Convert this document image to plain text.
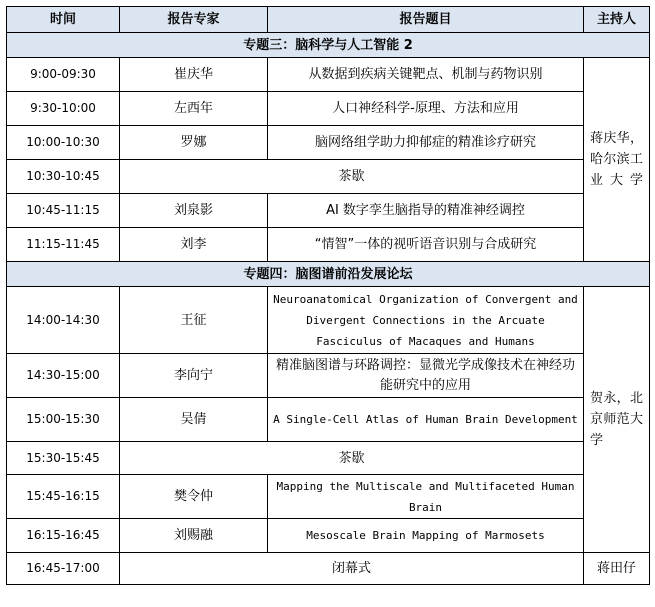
时间	报告专家	报告题目	主持人
专题三：脑科学与人工智能 2			
9:00-09:30	崔庆华	从数据到疾病关键靶点、机制与药物识别	蒋庆华，哈尔滨工业大学
9:30-10:00	左西年	人口神经科学-原理、方法和应用	
10:00-10:30	罗娜	脑网络组学助力抑郁症的精准诊疗研究	
10:30-10:45	茶歇		
10:45-11:15	刘泉影	AI 数字孪生脑指导的精准神经调控	
11:15-11:45	刘李	“情智”一体的视听语音识别与合成研究	
专题四：脑图谱前沿发展论坛			
14:00-14:30	王征	Neuroanatomical Organization of Convergent and Divergent Connections in the Arcuate Fasciculus of Macaques and Humans	贺永，北京师范大学
14:30-15:00	李向宁	精准脑图谱与环路调控：显微光学成像技术在神经功能研究中的应用	
15:00-15:30	吴倩	A Single-Cell Atlas of Human Brain Development	
15:30-15:45	茶歇		
15:45-16:15	樊令仲	Mapping the Multiscale and Multifaceted Human Brain	
16:15-16:45	刘赐融	Mesoscale Brain Mapping of Marmosets	
16:45-17:00	闭幕式		蒋田仔
